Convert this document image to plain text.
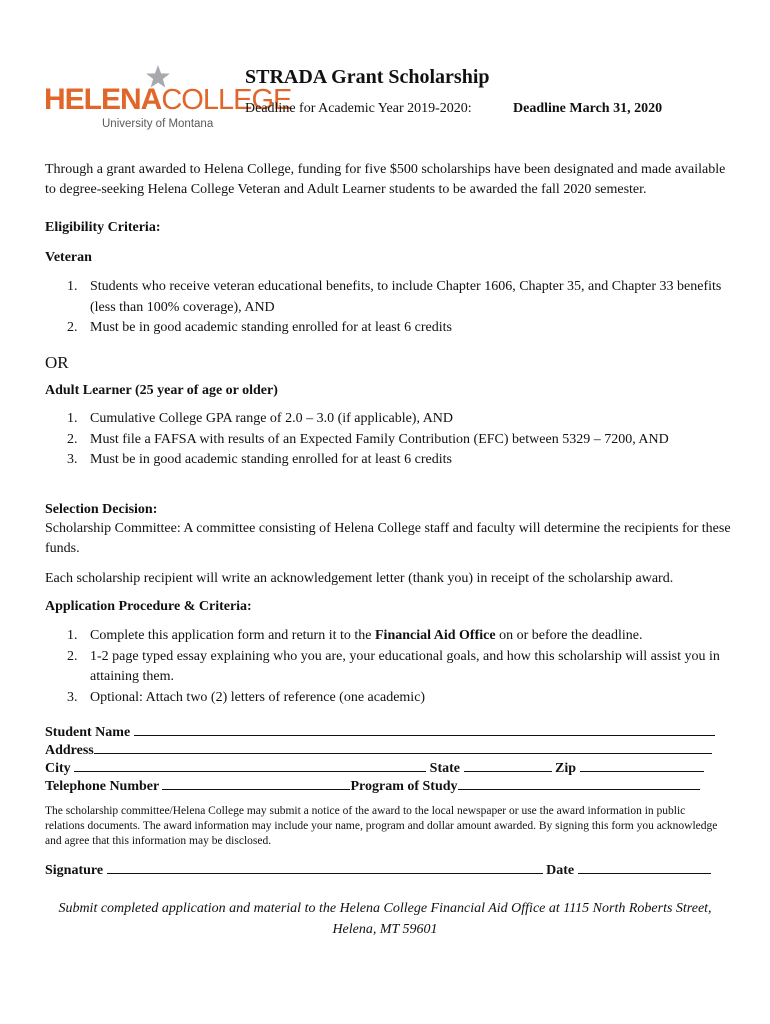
HELENACOLLEGE
University of Montana
STRADA Grant Scholarship
Deadline for Academic Year 2019-2020:	Deadline March 31, 2020
Through a grant awarded to Helena College, funding for five $500 scholarships have been designated and made available to degree-seeking Helena College Veteran and Adult Learner students to be awarded the fall 2020 semester.
Eligibility Criteria:
Veteran
1. Students who receive veteran educational benefits, to include Chapter 1606, Chapter 35, and Chapter 33 benefits (less than 100% coverage), AND
2. Must be in good academic standing enrolled for at least 6 credits
OR
Adult Learner (25 year of age or older)
1. Cumulative College GPA range of 2.0 – 3.0 (if applicable), AND
2. Must file a FAFSA with results of an Expected Family Contribution (EFC) between 5329 – 7200, AND
3. Must be in good academic standing enrolled for at least 6 credits
Selection Decision:
Scholarship Committee: A committee consisting of Helena College staff and faculty will determine the recipients for these funds.
Each scholarship recipient will write an acknowledgement letter (thank you) in receipt of the scholarship award.
Application Procedure & Criteria:
1. Complete this application form and return it to the Financial Aid Office on or before the deadline.
2. 1-2 page typed essay explaining who you are, your educational goals, and how this scholarship will assist you in attaining them.
3. Optional: Attach two (2) letters of reference (one academic)
Student Name
Address
City	State	Zip
Telephone Number	Program of Study
The scholarship committee/Helena College may submit a notice of the award to the local newspaper or use the award information in public relations documents. The award information may include your name, program and dollar amount awarded. By signing this form you acknowledge and agree that this information may be disclosed.
Signature	Date
Submit completed application and material to the Helena College Financial Aid Office at 1115 North Roberts Street, Helena, MT 59601
